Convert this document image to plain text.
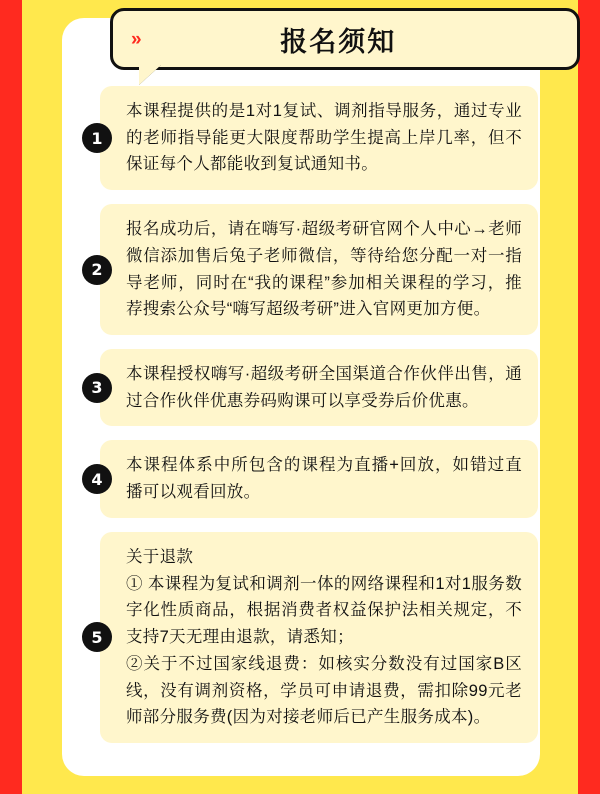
»	报名须知
1

本课程提供的是1对1复试、调剂指导服务，通过专业的老师指导能更大限度帮助学生提高上岸几率，但不保证每个人都能收到复试通知书。

2

报名成功后，请在嗨写·超级考研官网个人中心→老师微信添加售后兔子老师微信，等待给您分配一对一指导老师，同时在“我的课程”参加相关课程的学习，推荐搜索公众号“嗨写超级考研”进入官网更加方便。

3

本课程授权嗨写·超级考研全国渠道合作伙伴出售，通过合作伙伴优惠券码购课可以享受券后价优惠。

4

本课程体系中所包含的课程为直播+回放，如错过直播可以观看回放。

5

关于退款

① 本课程为复试和调剂一体的网络课程和1对1服务数字化性质商品，根据消费者权益保护法相关规定，不支持7天无理由退款，请悉知；

②关于不过国家线退费：如核实分数没有过国家B区线，没有调剂资格，学员可申请退费，需扣除99元老师部分服务费(因为对接老师后已产生服务成本)。
